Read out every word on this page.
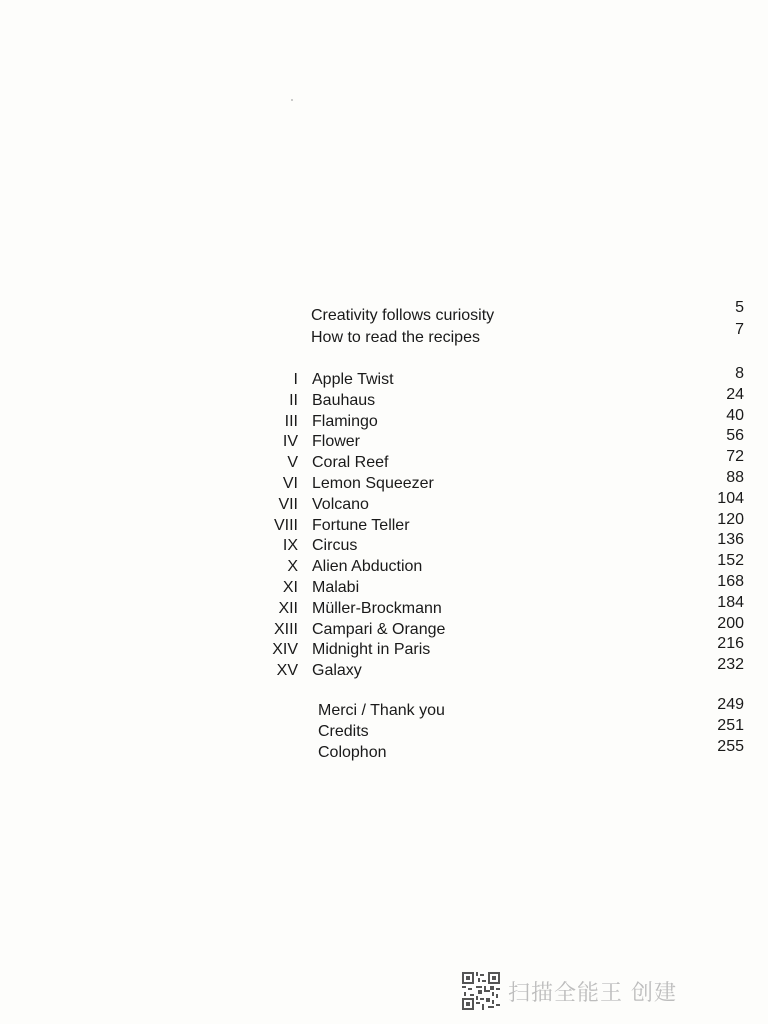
Creativity follows curiosity	5
How to read the recipes	7
I Apple Twist	8
II Bauhaus	24
III Flamingo	40
IV Flower	56
V Coral Reef	72
VI Lemon Squeezer	88
VII Volcano	104
VIII Fortune Teller	120
IX Circus	136
X Alien Abduction	152
XI Malabi	168
XII Müller-Brockmann	184
XIII Campari & Orange	200
XIV Midnight in Paris	216
XV Galaxy	232
Merci / Thank you	249
Credits	251
Colophon	255
扫描全能王 创建
